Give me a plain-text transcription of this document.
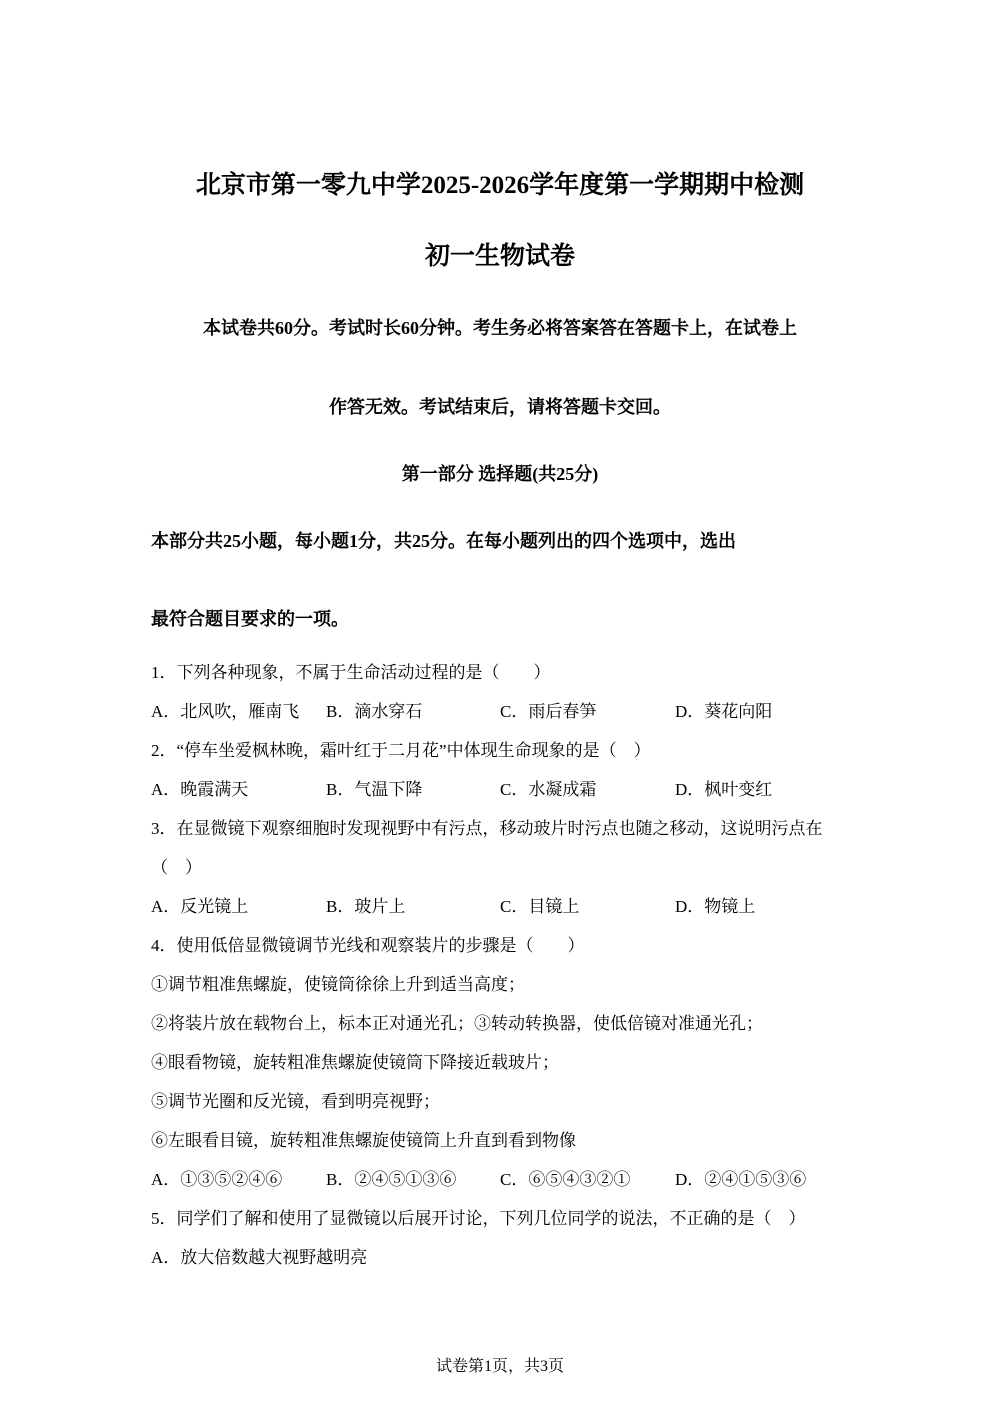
北京市第一零九中学2025-2026学年度第一学期期中检测
初一生物试卷
本试卷共60分。考试时长60分钟。考生务必将答案答在答题卡上，在试卷上
作答无效。考试结束后，请将答题卡交回。
第一部分 选择题(共25分)
本部分共25小题，每小题1分，共25分。在每小题列出的四个选项中，选出
最符合题目要求的一项。
1．下列各种现象，不属于生命活动过程的是（　　）
A．北风吹，雁南飞 B．滴水穿石	C．雨后春笋	D．葵花向阳
2．“停车坐爱枫林晚，霜叶红于二月花”中体现生命现象的是（　）
A．晚霞满天	B．气温下降	C．水凝成霜	D．枫叶变红
3．在显微镜下观察细胞时发现视野中有污点，移动玻片时污点也随之移动，这说明污点在
（　）
A．反光镜上	B．玻片上	C．目镜上	D．物镜上
4．使用低倍显微镜调节光线和观察装片的步骤是（　　）
①调节粗准焦螺旋，使镜筒徐徐上升到适当高度；
②将装片放在载物台上，标本正对通光孔；③转动转换器，使低倍镜对准通光孔；
④眼看物镜，旋转粗准焦螺旋使镜筒下降接近载玻片；
⑤调节光圈和反光镜，看到明亮视野；
⑥左眼看目镜，旋转粗准焦螺旋使镜筒上升直到看到物像
A．①③⑤②④⑥	B．②④⑤①③⑥	C．⑥⑤④③②①	D．②④①⑤③⑥
5．同学们了解和使用了显微镜以后展开讨论，下列几位同学的说法，不正确的是（　）
A．放大倍数越大视野越明亮
试卷第1页，共3页
